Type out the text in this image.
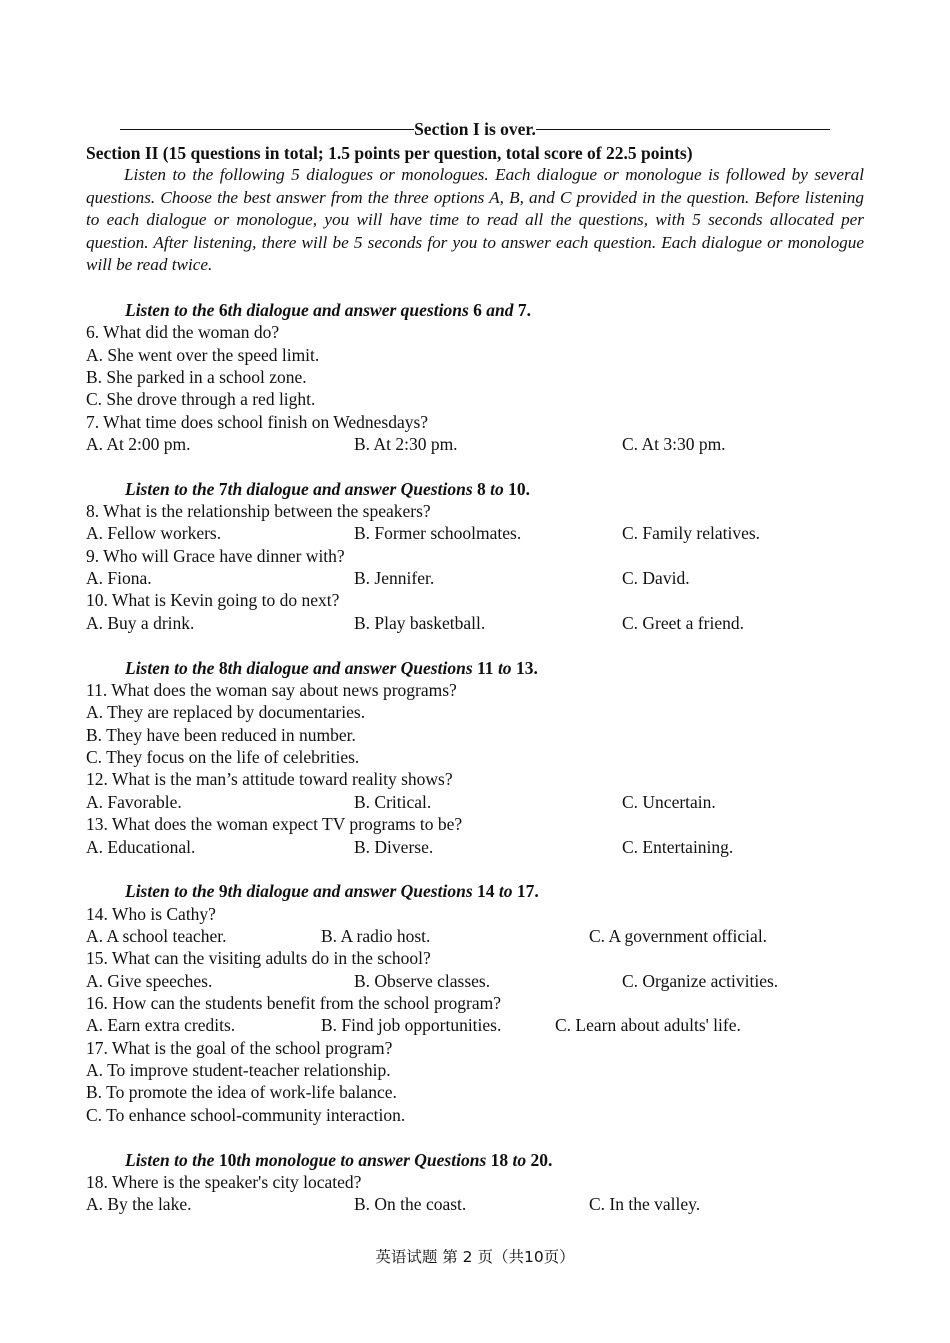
Section I is over.
Section II (15 questions in total; 1.5 points per question, total score of 22.5 points)
Listen to the following 5 dialogues or monologues. Each dialogue or monologue is followed by several questions. Choose the best answer from the three options A, B, and C provided in the question. Before listening to each dialogue or monologue, you will have time to read all the questions, with 5 seconds allocated per question. After listening, there will be 5 seconds for you to answer each question. Each dialogue or monologue will be read twice.
Listen to the 6th dialogue and answer questions 6 and 7.
6. What did the woman do?
A. She went over the speed limit.
B. She parked in a school zone.
C. She drove through a red light.
7. What time does school finish on Wednesdays?
A. At 2:00 pm.	B. At 2:30 pm.	C. At 3:30 pm.
Listen to the 7th dialogue and answer Questions 8 to 10.
8. What is the relationship between the speakers?
A. Fellow workers.	B. Former schoolmates.	C. Family relatives.
9. Who will Grace have dinner with?
A. Fiona.	B. Jennifer.	C. David.
10. What is Kevin going to do next?
A. Buy a drink.	B. Play basketball.	C. Greet a friend.
Listen to the 8th dialogue and answer Questions 11 to 13.
11. What does the woman say about news programs?
A. They are replaced by documentaries.
B. They have been reduced in number.
C. They focus on the life of celebrities.
12. What is the man’s attitude toward reality shows?
A. Favorable.	B. Critical.	C. Uncertain.
13. What does the woman expect TV programs to be?
A. Educational.	B. Diverse.	C. Entertaining.
Listen to the 9th dialogue and answer Questions 14 to 17.
14. Who is Cathy?
A. A school teacher.	B. A radio host.	C. A government official.
15. What can the visiting adults do in the school?
A. Give speeches.	B. Observe classes.	C. Organize activities.
16. How can the students benefit from the school program?
A. Earn extra credits.	B. Find job opportunities.	C. Learn about adults' life.
17. What is the goal of the school program?
A. To improve student-teacher relationship.
B. To promote the idea of work-life balance.
C. To enhance school-community interaction.
Listen to the 10th monologue to answer Questions 18 to 20.
18. Where is the speaker's city located?
A. By the lake.	B. On the coast.	C. In the valley.
英语试题 第 2 页（共10页）
